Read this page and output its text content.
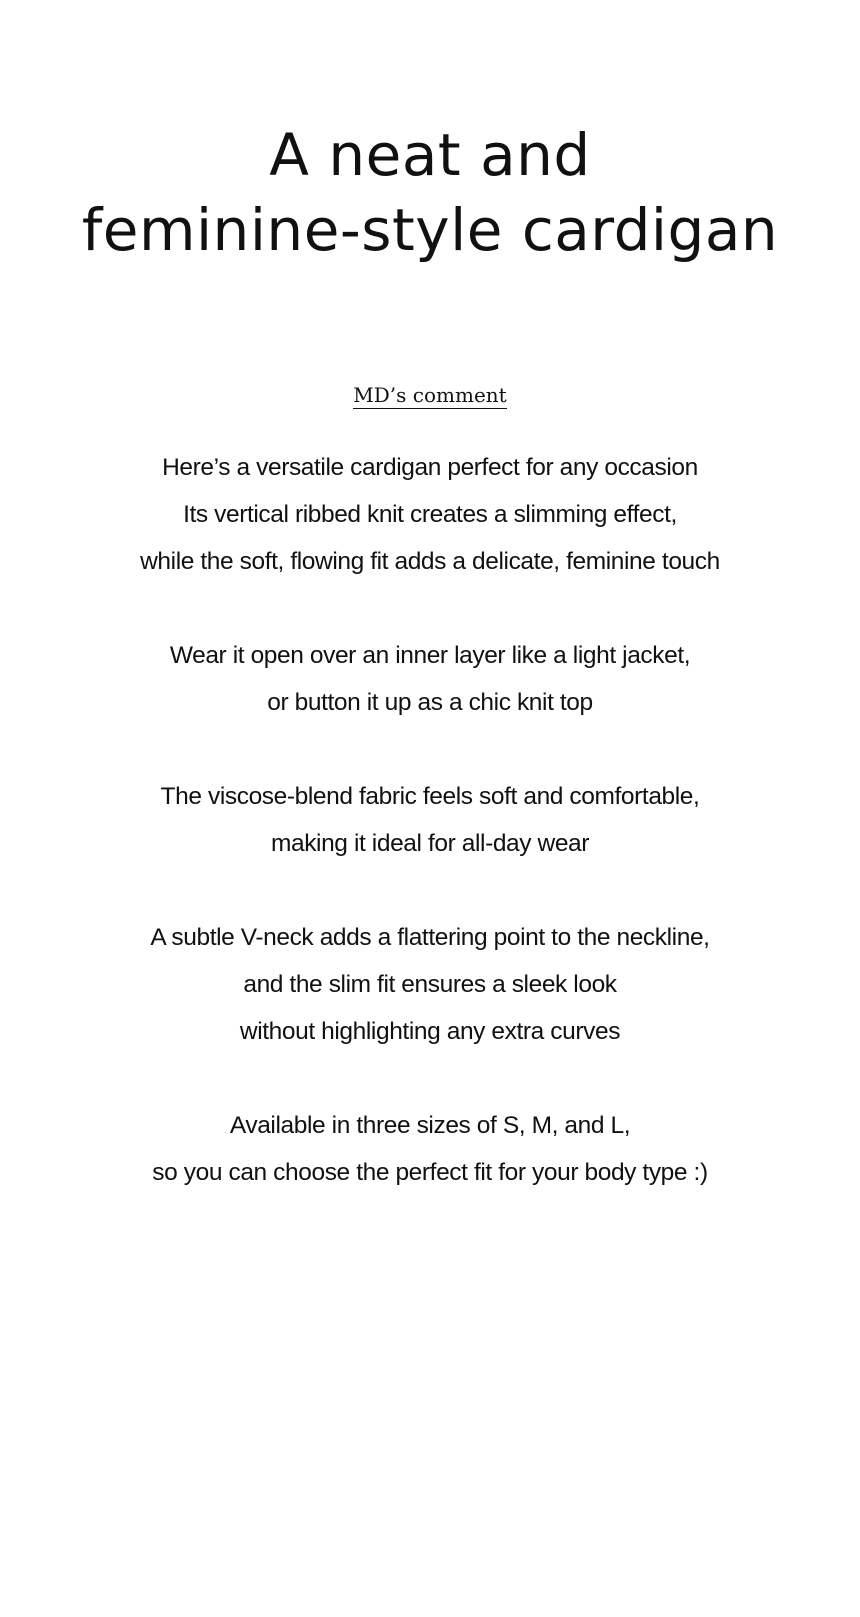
A neat and
feminine-style cardigan
MD’s comment

Here’s a versatile cardigan perfect for any occasion
Its vertical ribbed knit creates a slimming effect,
while the soft, flowing fit adds a delicate, feminine touch

Wear it open over an inner layer like a light jacket,
or button it up as a chic knit top

The viscose-blend fabric feels soft and comfortable,
making it ideal for all-day wear

A subtle V-neck adds a flattering point to the neckline,
and the slim fit ensures a sleek look
without highlighting any extra curves

Available in three sizes of S, M, and L,
so you can choose the perfect fit for your body type :)
